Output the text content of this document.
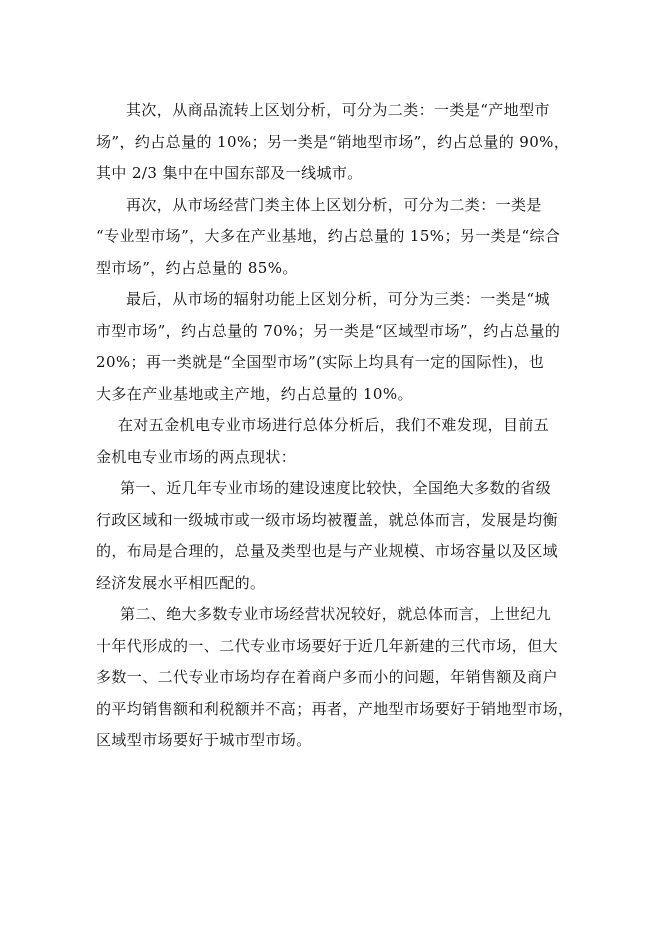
其次，从商品流转上区划分析，可分为二类：一类是“产地型市
场”，约占总量的 10%；另一类是“销地型市场”，约占总量的 90%，
其中 2/3 集中在中国东部及一线城市。

再次，从市场经营门类主体上区划分析，可分为二类：一类是
“专业型市场”，大多在产业基地，约占总量的 15%；另一类是“综合
型市场”，约占总量的 85%。

最后，从市场的辐射功能上区划分析，可分为三类：一类是“城
市型市场”，约占总量的 70%；另一类是“区域型市场”，约占总量的
20%；再一类就是“全国型市场”(实际上均具有一定的国际性)，也
大多在产业基地或主产地，约占总量的 10%。

在对五金机电专业市场进行总体分析后，我们不难发现，目前五
金机电专业市场的两点现状：

第一、近几年专业市场的建设速度比较快，全国绝大多数的省级
行政区域和一级城市或一级市场均被覆盖，就总体而言，发展是均衡
的，布局是合理的，总量及类型也是与产业规模、市场容量以及区域
经济发展水平相匹配的。

第二、绝大多数专业市场经营状况较好，就总体而言，上世纪九
十年代形成的一、二代专业市场要好于近几年新建的三代市场，但大
多数一、二代专业市场均存在着商户多而小的问题，年销售额及商户
的平均销售额和利税额并不高；再者，产地型市场要好于销地型市场，
区域型市场要好于城市型市场。
